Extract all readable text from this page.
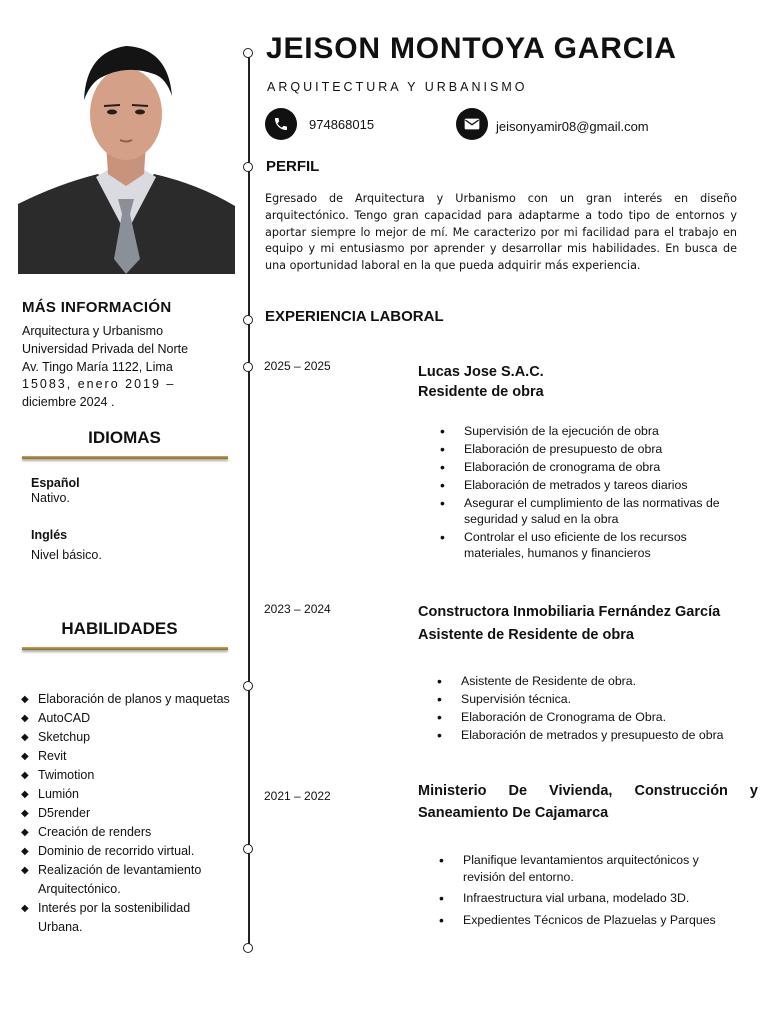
MÁS INFORMACIÓN
Arquitectura y Urbanismo
Universidad Privada del Norte
Av. Tingo María 1122, Lima
15083, enero 2019 –
diciembre 2024 .
IDIOMAS
Español
Nativo.
Inglés
Nivel básico.
HABILIDADES
◆ Elaboración de planos y maquetas
◆ AutoCAD
◆ Sketchup
◆ Revit
◆ Twimotion
◆ Lumión
◆ D5render
◆ Creación de renders
◆ Dominio de recorrido virtual.
◆ Realización de levantamiento
Arquitectónico.
◆ Interés por la sostenibilidad
Urbana.
JEISON MONTOYA GARCIA
ARQUITECTURA Y URBANISMO
974868015	jeisonyamir08@gmail.com
PERFIL
Egresado de Arquitectura y Urbanismo con un gran interés en diseño arquitectónico. Tengo gran capacidad para adaptarme a todo tipo de entornos y aportar siempre lo mejor de mí. Me caracterizo por mi facilidad para el trabajo en equipo y mi entusiasmo por aprender y desarrollar mis habilidades. En busca de una oportunidad laboral en la que pueda adquirir más experiencia.
EXPERIENCIA LABORAL
2025 – 2025	Lucas Jose S.A.C.
Residente de obra
• Supervisión de la ejecución de obra
• Elaboración de presupuesto de obra
• Elaboración de cronograma de obra
• Elaboración de metrados y tareos diarios
• Asegurar el cumplimiento de las normativas de seguridad y salud en la obra
• Controlar el uso eficiente de los recursos materiales, humanos y financieros
2023 – 2024	Constructora Inmobiliaria Fernández García
Asistente de Residente de obra
• Asistente de Residente de obra.
• Supervisión técnica.
• Elaboración de Cronograma de Obra.
• Elaboración de metrados y presupuesto de obra
2021 – 2022	Ministerio De Vivienda, Construcción y Saneamiento De Cajamarca
• Planifique levantamientos arquitectónicos y revisión del entorno.
• Infraestructura vial urbana, modelado 3D.
• Expedientes Técnicos de Plazuelas y Parques
